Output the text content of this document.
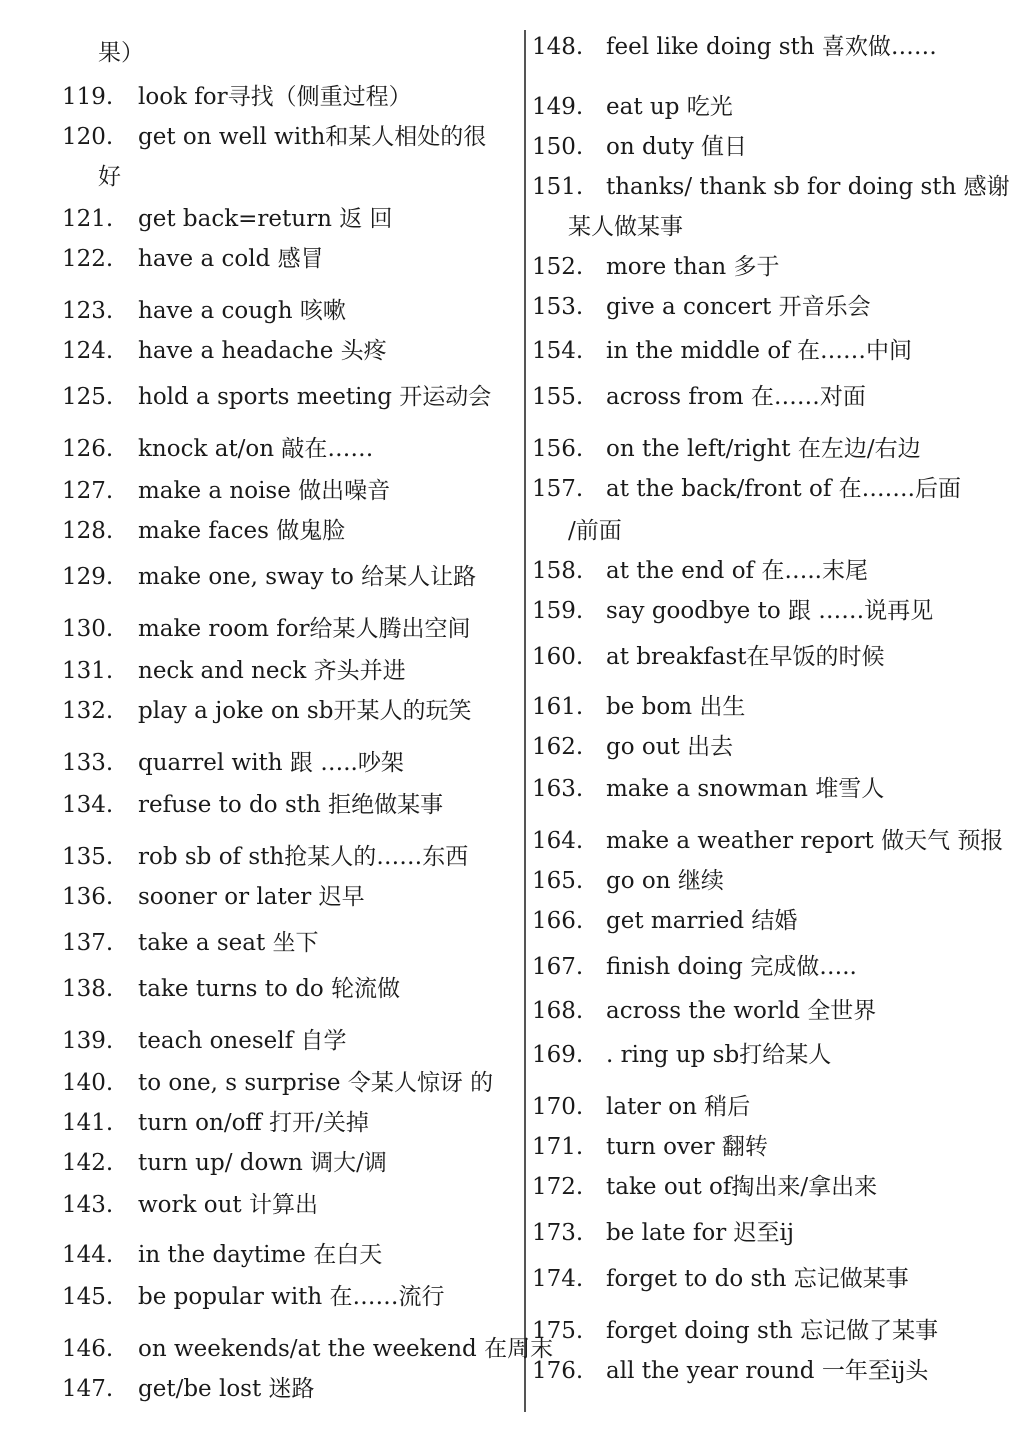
果）
119. look for寻找（侧重过程）
120. get on well with和某人相处的很
好
121. get back=return 返 回
122. have a cold 感冒
123. have a cough 咳嗽
124. have a headache 头疼
125. hold a sports meeting 开运动会
126. knock at/on 敲在……
127. make a noise 做出噪音
128. make faces 做鬼脸
129. make one, sway to 给某人让路
130. make room for给某人腾出空间
131. neck and neck 齐头并进
132. play a joke on sb开某人的玩笑
133. quarrel with 跟 …..吵架
134. refuse to do sth 拒绝做某事
135. rob sb of sth抢某人的……东西
136. sooner or later 迟早
137. take a seat 坐下
138. take turns to do 轮流做
139. teach oneself 自学
140. to one, s surprise 令某人惊讶 的
141. turn on/off 打开/关掉
142. turn up/ down 调大/调
143. work out 计算出
144. in the daytime 在白天
145. be popular with 在……流行
146. on weekends/at the weekend 在周末
147. get/be lost 迷路
148. feel like doing sth 喜欢做……
149. eat up 吃光
150. on duty 值日
151. thanks/ thank sb for doing sth 感谢
某人做某事
152. more than 多于
153. give a concert 开音乐会
154. in the middle of 在……中间
155. across from 在……对面
156. on the left/right 在左边/右边
157. at the back/front of 在…….后面
/前面
158. at the end of 在…..末尾
159. say goodbye to 跟 ……说再见
160. at breakfast在早饭的时候
161. be bom 出生
162. go out 出去
163. make a snowman 堆雪人
164. make a weather report 做天气 预报
165. go on 继续
166. get married 结婚
167. finish doing 完成做…..
168. across the world 全世界
169. . ring up sb打给某人
170. later on 稍后
171. turn over 翻转
172. take out of掏出来/拿出来
173. be late for 迟至ij
174. forget to do sth 忘记做某事
175. forget doing sth 忘记做了某事
176. all the year round 一年至ij头
